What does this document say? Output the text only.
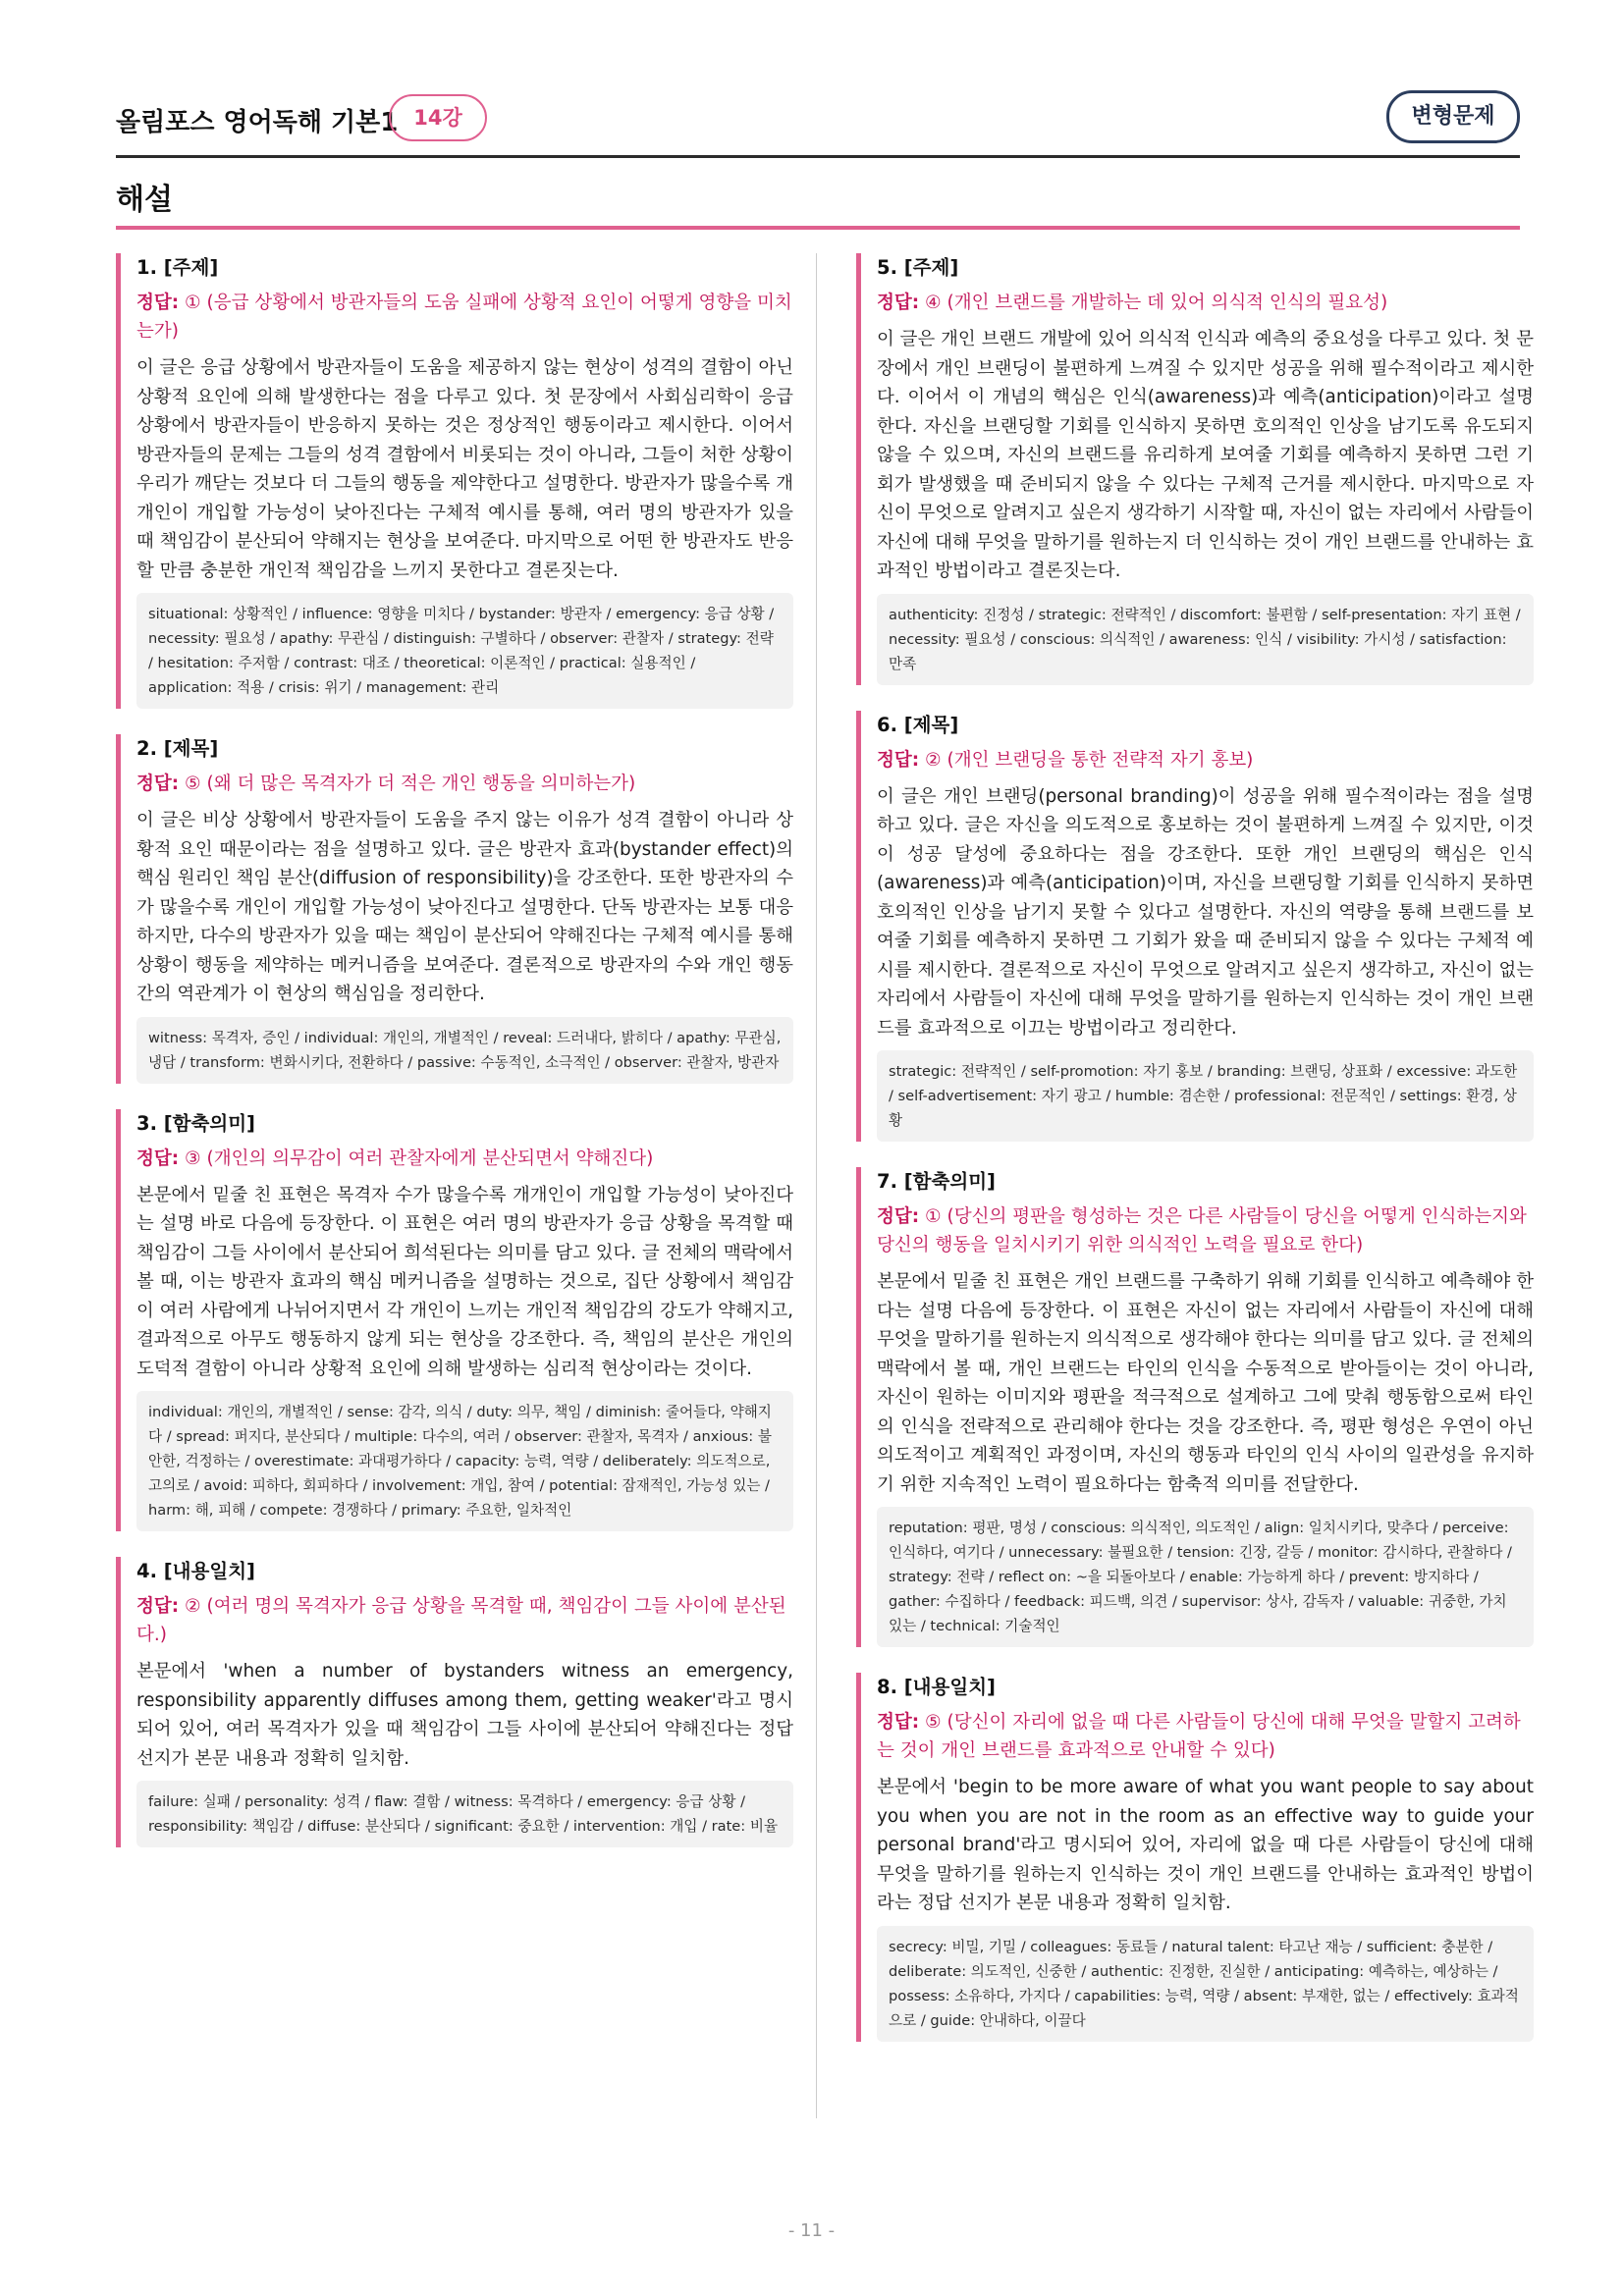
올림포스 영어독해 기본1 14강	변형문제
해설
1. [주제]

정답: ① (응급 상황에서 방관자들의 도움 실패에 상황적 요인이 어떻게 영향을 미치는가)

이 글은 응급 상황에서 방관자들이 도움을 제공하지 않는 현상이 성격의 결함이 아닌 상황적 요인에 의해 발생한다는 점을 다루고 있다. 첫 문장에서 사회심리학이 응급 상황에서 방관자들이 반응하지 못하는 것은 정상적인 행동이라고 제시한다. 이어서 방관자들의 문제는 그들의 성격 결함에서 비롯되는 것이 아니라, 그들이 처한 상황이 우리가 깨닫는 것보다 더 그들의 행동을 제약한다고 설명한다. 방관자가 많을수록 개개인이 개입할 가능성이 낮아진다는 구체적 예시를 통해, 여러 명의 방관자가 있을 때 책임감이 분산되어 약해지는 현상을 보여준다. 마지막으로 어떤 한 방관자도 반응할 만큼 충분한 개인적 책임감을 느끼지 못한다고 결론짓는다.

situational: 상황적인 / influence: 영향을 미치다 / bystander: 방관자 / emergency: 응급 상황 / necessity: 필요성 / apathy: 무관심 / distinguish: 구별하다 / observer: 관찰자 / strategy: 전략 / hesitation: 주저함 / contrast: 대조 / theoretical: 이론적인 / practical: 실용적인 / application: 적용 / crisis: 위기 / management: 관리
2. [제목]

정답: ⑤ (왜 더 많은 목격자가 더 적은 개인 행동을 의미하는가)

이 글은 비상 상황에서 방관자들이 도움을 주지 않는 이유가 성격 결함이 아니라 상황적 요인 때문이라는 점을 설명하고 있다. 글은 방관자 효과(bystander effect)의 핵심 원리인 책임 분산(diffusion of responsibility)을 강조한다. 또한 방관자의 수가 많을수록 개인이 개입할 가능성이 낮아진다고 설명한다. 단독 방관자는 보통 대응하지만, 다수의 방관자가 있을 때는 책임이 분산되어 약해진다는 구체적 예시를 통해 상황이 행동을 제약하는 메커니즘을 보여준다. 결론적으로 방관자의 수와 개인 행동 간의 역관계가 이 현상의 핵심임을 정리한다.

witness: 목격자, 증인 / individual: 개인의, 개별적인 / reveal: 드러내다, 밝히다 / apathy: 무관심, 냉담 / transform: 변화시키다, 전환하다 / passive: 수동적인, 소극적인 / observer: 관찰자, 방관자
3. [함축의미]

정답: ③ (개인의 의무감이 여러 관찰자에게 분산되면서 약해진다)

본문에서 밑줄 친 표현은 목격자 수가 많을수록 개개인이 개입할 가능성이 낮아진다는 설명 바로 다음에 등장한다. 이 표현은 여러 명의 방관자가 응급 상황을 목격할 때 책임감이 그들 사이에서 분산되어 희석된다는 의미를 담고 있다. 글 전체의 맥락에서 볼 때, 이는 방관자 효과의 핵심 메커니즘을 설명하는 것으로, 집단 상황에서 책임감이 여러 사람에게 나뉘어지면서 각 개인이 느끼는 개인적 책임감의 강도가 약해지고, 결과적으로 아무도 행동하지 않게 되는 현상을 강조한다. 즉, 책임의 분산은 개인의 도덕적 결함이 아니라 상황적 요인에 의해 발생하는 심리적 현상이라는 것이다.

individual: 개인의, 개별적인 / sense: 감각, 의식 / duty: 의무, 책임 / diminish: 줄어들다, 약해지다 / spread: 퍼지다, 분산되다 / multiple: 다수의, 여러 / observer: 관찰자, 목격자 / anxious: 불안한, 걱정하는 / overestimate: 과대평가하다 / capacity: 능력, 역량 / deliberately: 의도적으로, 고의로 / avoid: 피하다, 회피하다 / involvement: 개입, 참여 / potential: 잠재적인, 가능성 있는 / harm: 해, 피해 / compete: 경쟁하다 / primary: 주요한, 일차적인
4. [내용일치]

정답: ② (여러 명의 목격자가 응급 상황을 목격할 때, 책임감이 그들 사이에 분산된다.)

본문에서 'when a number of bystanders witness an emergency, responsibility apparently diffuses among them, getting weaker'라고 명시되어 있어, 여러 목격자가 있을 때 책임감이 그들 사이에 분산되어 약해진다는 정답 선지가 본문 내용과 정확히 일치함.

failure: 실패 / personality: 성격 / flaw: 결함 / witness: 목격하다 / emergency: 응급 상황 / responsibility: 책임감 / diffuse: 분산되다 / significant: 중요한 / intervention: 개입 / rate: 비율
5. [주제]

정답: ④ (개인 브랜드를 개발하는 데 있어 의식적 인식의 필요성)

이 글은 개인 브랜드 개발에 있어 의식적 인식과 예측의 중요성을 다루고 있다. 첫 문장에서 개인 브랜딩이 불편하게 느껴질 수 있지만 성공을 위해 필수적이라고 제시한다. 이어서 이 개념의 핵심은 인식(awareness)과 예측(anticipation)이라고 설명한다. 자신을 브랜딩할 기회를 인식하지 못하면 호의적인 인상을 남기도록 유도되지 않을 수 있으며, 자신의 브랜드를 유리하게 보여줄 기회를 예측하지 못하면 그런 기회가 발생했을 때 준비되지 않을 수 있다는 구체적 근거를 제시한다. 마지막으로 자신이 무엇으로 알려지고 싶은지 생각하기 시작할 때, 자신이 없는 자리에서 사람들이 자신에 대해 무엇을 말하기를 원하는지 더 인식하는 것이 개인 브랜드를 안내하는 효과적인 방법이라고 결론짓는다.

authenticity: 진정성 / strategic: 전략적인 / discomfort: 불편함 / self-presentation: 자기 표현 / necessity: 필요성 / conscious: 의식적인 / awareness: 인식 / visibility: 가시성 / satisfaction: 만족
6. [제목]

정답: ② (개인 브랜딩을 통한 전략적 자기 홍보)

이 글은 개인 브랜딩(personal branding)이 성공을 위해 필수적이라는 점을 설명하고 있다. 글은 자신을 의도적으로 홍보하는 것이 불편하게 느껴질 수 있지만, 이것이 성공 달성에 중요하다는 점을 강조한다. 또한 개인 브랜딩의 핵심은 인식(awareness)과 예측(anticipation)이며, 자신을 브랜딩할 기회를 인식하지 못하면 호의적인 인상을 남기지 못할 수 있다고 설명한다. 자신의 역량을 통해 브랜드를 보여줄 기회를 예측하지 못하면 그 기회가 왔을 때 준비되지 않을 수 있다는 구체적 예시를 제시한다. 결론적으로 자신이 무엇으로 알려지고 싶은지 생각하고, 자신이 없는 자리에서 사람들이 자신에 대해 무엇을 말하기를 원하는지 인식하는 것이 개인 브랜드를 효과적으로 이끄는 방법이라고 정리한다.

strategic: 전략적인 / self-promotion: 자기 홍보 / branding: 브랜딩, 상표화 / excessive: 과도한 / self-advertisement: 자기 광고 / humble: 겸손한 / professional: 전문적인 / settings: 환경, 상황
7. [함축의미]

정답: ① (당신의 평판을 형성하는 것은 다른 사람들이 당신을 어떻게 인식하는지와 당신의 행동을 일치시키기 위한 의식적인 노력을 필요로 한다)

본문에서 밑줄 친 표현은 개인 브랜드를 구축하기 위해 기회를 인식하고 예측해야 한다는 설명 다음에 등장한다. 이 표현은 자신이 없는 자리에서 사람들이 자신에 대해 무엇을 말하기를 원하는지 의식적으로 생각해야 한다는 의미를 담고 있다. 글 전체의 맥락에서 볼 때, 개인 브랜드는 타인의 인식을 수동적으로 받아들이는 것이 아니라, 자신이 원하는 이미지와 평판을 적극적으로 설계하고 그에 맞춰 행동함으로써 타인의 인식을 전략적으로 관리해야 한다는 것을 강조한다. 즉, 평판 형성은 우연이 아닌 의도적이고 계획적인 과정이며, 자신의 행동과 타인의 인식 사이의 일관성을 유지하기 위한 지속적인 노력이 필요하다는 함축적 의미를 전달한다.

reputation: 평판, 명성 / conscious: 의식적인, 의도적인 / align: 일치시키다, 맞추다 / perceive: 인식하다, 여기다 / unnecessary: 불필요한 / tension: 긴장, 갈등 / monitor: 감시하다, 관찰하다 / strategy: 전략 / reflect on: ~을 되돌아보다 / enable: 가능하게 하다 / prevent: 방지하다 / gather: 수집하다 / feedback: 피드백, 의견 / supervisor: 상사, 감독자 / valuable: 귀중한, 가치 있는 / technical: 기술적인
8. [내용일치]

정답: ⑤ (당신이 자리에 없을 때 다른 사람들이 당신에 대해 무엇을 말할지 고려하는 것이 개인 브랜드를 효과적으로 안내할 수 있다)

본문에서 'begin to be more aware of what you want people to say about you when you are not in the room as an effective way to guide your personal brand'라고 명시되어 있어, 자리에 없을 때 다른 사람들이 당신에 대해 무엇을 말하기를 원하는지 인식하는 것이 개인 브랜드를 안내하는 효과적인 방법이라는 정답 선지가 본문 내용과 정확히 일치함.

secrecy: 비밀, 기밀 / colleagues: 동료들 / natural talent: 타고난 재능 / sufficient: 충분한 / deliberate: 의도적인, 신중한 / authentic: 진정한, 진실한 / anticipating: 예측하는, 예상하는 / possess: 소유하다, 가지다 / capabilities: 능력, 역량 / absent: 부재한, 없는 / effectively: 효과적으로 / guide: 안내하다, 이끌다
- 11 -
